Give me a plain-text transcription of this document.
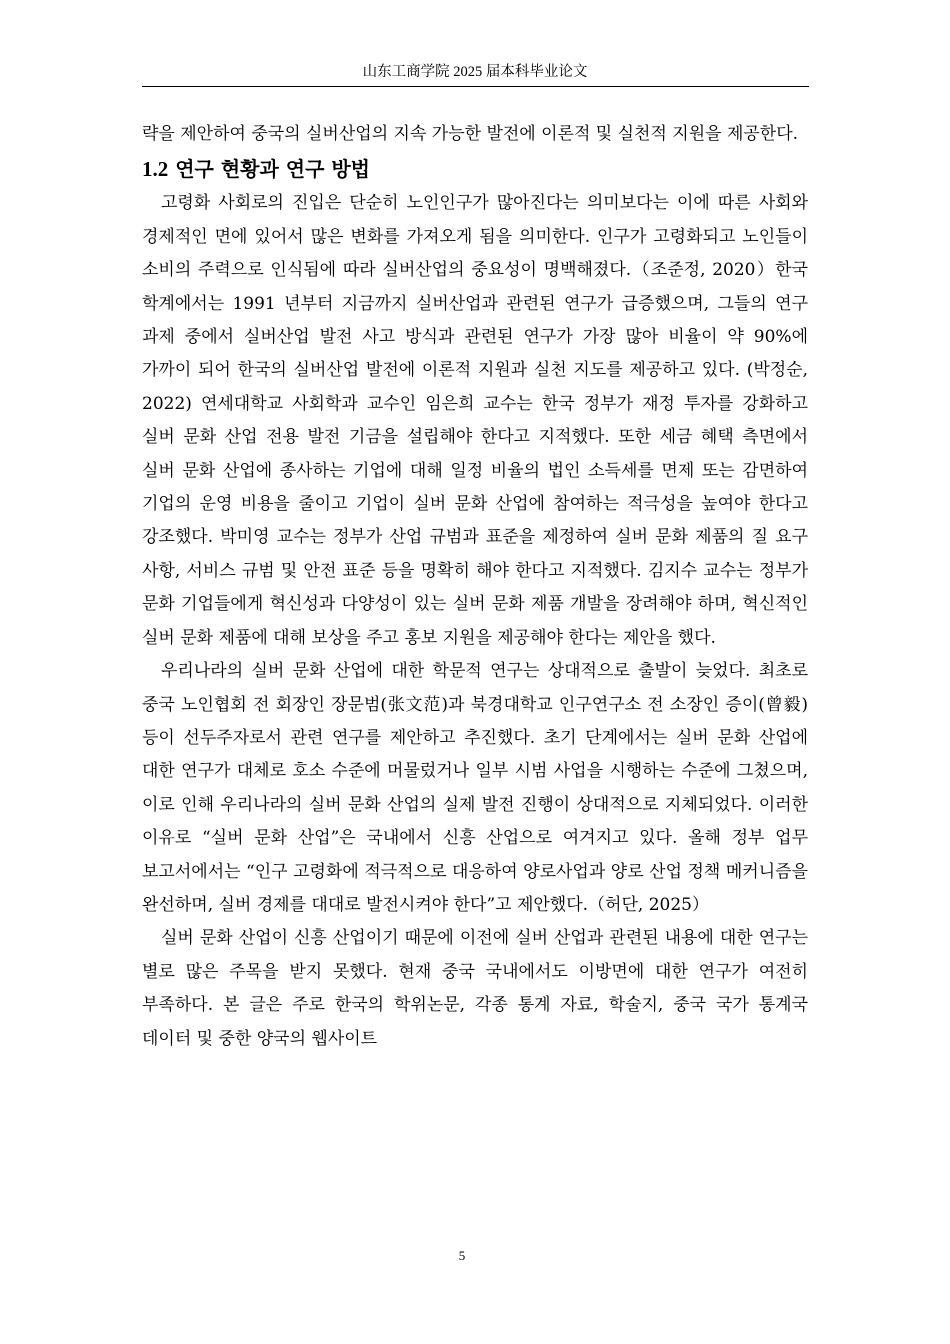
山东工商学院 2025 届本科毕业论文

략을 제안하여 중국의 실버산업의 지속 가능한 발전에 이론적 및 실천적 지원을 제공한다.

1.2 연구 현황과 연구 방법

고령화 사회로의 진입은 단순히 노인인구가 많아진다는 의미보다는 이에 따른 사회와 경제적인 면에 있어서 많은 변화를 가져오게 됨을 의미한다. 인구가 고령화되고 노인들이 소비의 주력으로 인식됨에 따라 실버산업의 중요성이 명백해졌다.（조준정, 2020）한국 학계에서는 1991 년부터 지금까지 실버산업과 관련된 연구가 급증했으며, 그들의 연구 과제 중에서 실버산업 발전 사고 방식과 관련된 연구가 가장 많아 비율이 약 90%에 가까이 되어 한국의 실버산업 발전에 이론적 지원과 실천 지도를 제공하고 있다. (박정순, 2022) 연세대학교 사회학과 교수인 임은희 교수는 한국 정부가 재정 투자를 강화하고 실버 문화 산업 전용 발전 기금을 설립해야 한다고 지적했다. 또한 세금 혜택 측면에서 실버 문화 산업에 종사하는 기업에 대해 일정 비율의 법인 소득세를 면제 또는 감면하여 기업의 운영 비용을 줄이고 기업이 실버 문화 산업에 참여하는 적극성을 높여야 한다고 강조했다. 박미영 교수는 정부가 산업 규범과 표준을 제정하여 실버 문화 제품의 질 요구 사항, 서비스 규범 및 안전 표준 등을 명확히 해야 한다고 지적했다. 김지수 교수는 정부가 문화 기업들에게 혁신성과 다양성이 있는 실버 문화 제품 개발을 장려해야 하며, 혁신적인 실버 문화 제품에 대해 보상을 주고 홍보 지원을 제공해야 한다는 제안을 했다.

우리나라의 실버 문화 산업에 대한 학문적 연구는 상대적으로 출발이 늦었다. 최초로 중국 노인협회 전 회장인 장문범(张文范)과 북경대학교 인구연구소 전 소장인 증이(曾毅) 등이 선두주자로서 관련 연구를 제안하고 추진했다. 초기 단계에서는 실버 문화 산업에 대한 연구가 대체로 호소 수준에 머물렀거나 일부 시범 사업을 시행하는 수준에 그쳤으며, 이로 인해 우리나라의 실버 문화 산업의 실제 발전 진행이 상대적으로 지체되었다. 이러한 이유로 “실버 문화 산업”은 국내에서 신흥 산업으로 여겨지고 있다. 올해 정부 업무 보고서에서는 “인구 고령화에 적극적으로 대응하여 양로사업과 양로 산업 정책 메커니즘을 완선하며, 실버 경제를 대대로 발전시켜야 한다”고 제안했다.（허단, 2025）

실버 문화 산업이 신흥 산업이기 때문에 이전에 실버 산업과 관련된 내용에 대한 연구는 별로 많은 주목을 받지 못했다. 현재 중국 국내에서도 이방면에 대한 연구가 여전히 부족하다. 본 글은 주로 한국의 학위논문, 각종 통계 자료, 학술지, 중국 국가 통계국 데이터 및 중한 양국의 웹사이트

5
